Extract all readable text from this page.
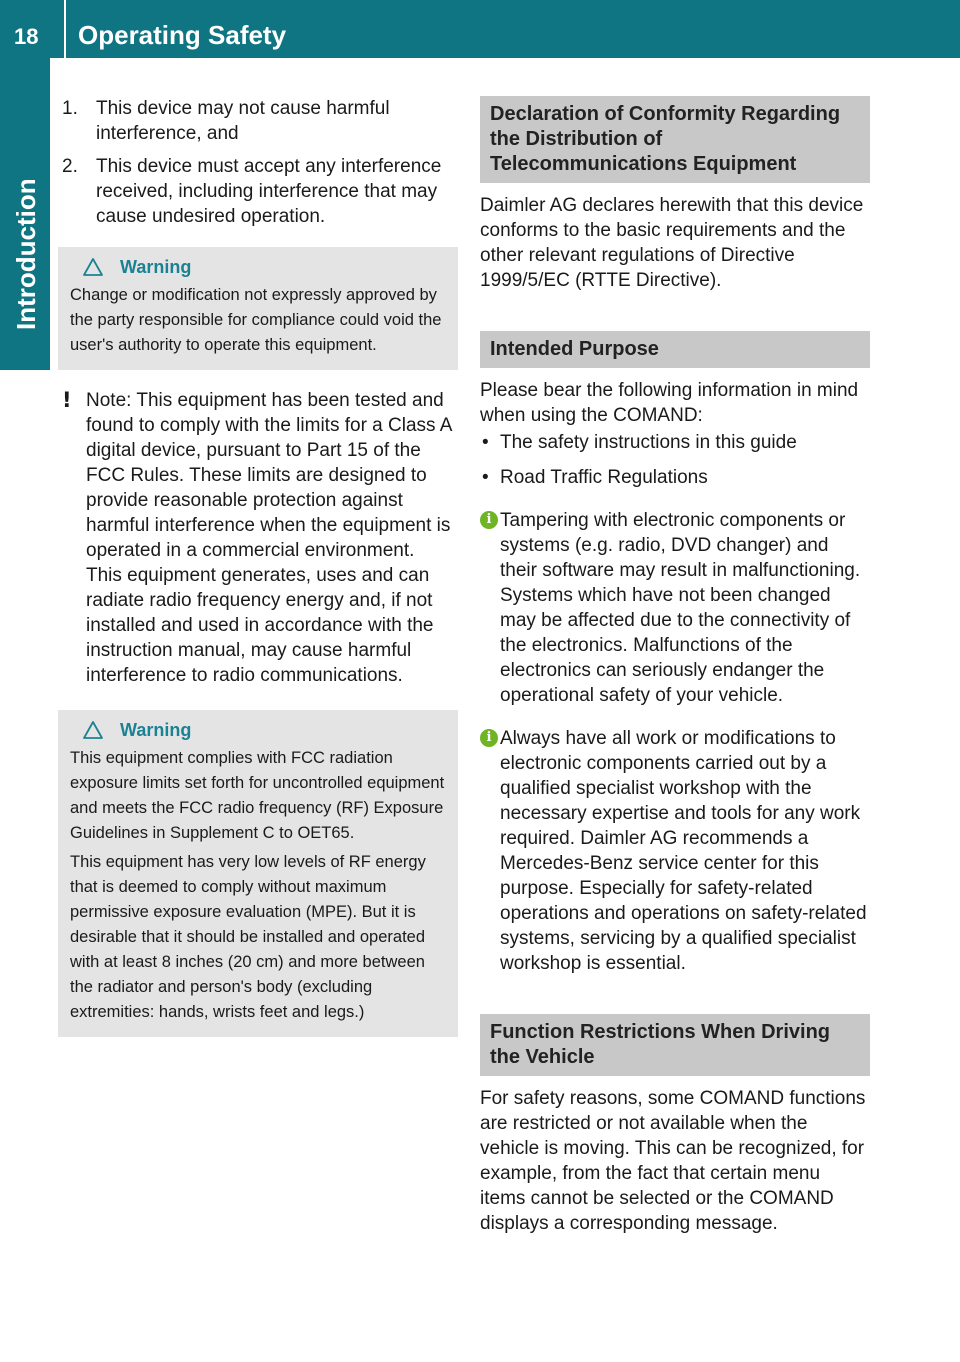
18 Operating Safety
Introduction
1. This device may not cause harmful interference, and
2. This device must accept any interference received, including interference that may cause undesired operation.
Warning

Change or modification not expressly approved by the party responsible for compliance could void the user's authority to operate this equipment.

! Note: This equipment has been tested and found to comply with the limits for a Class A digital device, pursuant to Part 15 of the FCC Rules. These limits are designed to provide reasonable protection against harmful interference when the equipment is operated in a commercial environment. This equipment generates, uses and can radiate radio frequency energy and, if not installed and used in accordance with the instruction manual, may cause harmful interference to radio communications.
Warning

This equipment complies with FCC radiation exposure limits set forth for uncontrolled equipment and meets the FCC radio frequency (RF) Exposure Guidelines in Supplement C to OET65.

This equipment has very low levels of RF energy that is deemed to comply without maximum permissive exposure evaluation (MPE). But it is desirable that it should be installed and operated with at least 8 inches (20 cm) and more between the radiator and person's body (excluding extremities: hands, wrists feet and legs.)

Declaration of Conformity Regarding the Distribution of Telecommunications Equipment

Daimler AG declares herewith that this device conforms to the basic requirements and the other relevant regulations of Directive 1999/5/EC (RTTE Directive).

Intended Purpose

Please bear the following information in mind when using the COMAND:

• The safety instructions in this guide
• Road Traffic Regulations
i Tampering with electronic components or systems (e.g. radio, DVD changer) and their software may result in malfunctioning. Systems which have not been changed may be affected due to the connectivity of the electronics. Malfunctions of the electronics can seriously endanger the operational safety of your vehicle.
i Always have all work or modifications to electronic components carried out by a qualified specialist workshop with the necessary expertise and tools for any work required. Daimler AG recommends a Mercedes-Benz service center for this purpose. Especially for safety-related operations and operations on safety-related systems, servicing by a qualified specialist workshop is essential.
Function Restrictions When Driving the Vehicle

For safety reasons, some COMAND functions are restricted or not available when the vehicle is moving. This can be recognized, for example, from the fact that certain menu items cannot be selected or the COMAND displays a corresponding message.
